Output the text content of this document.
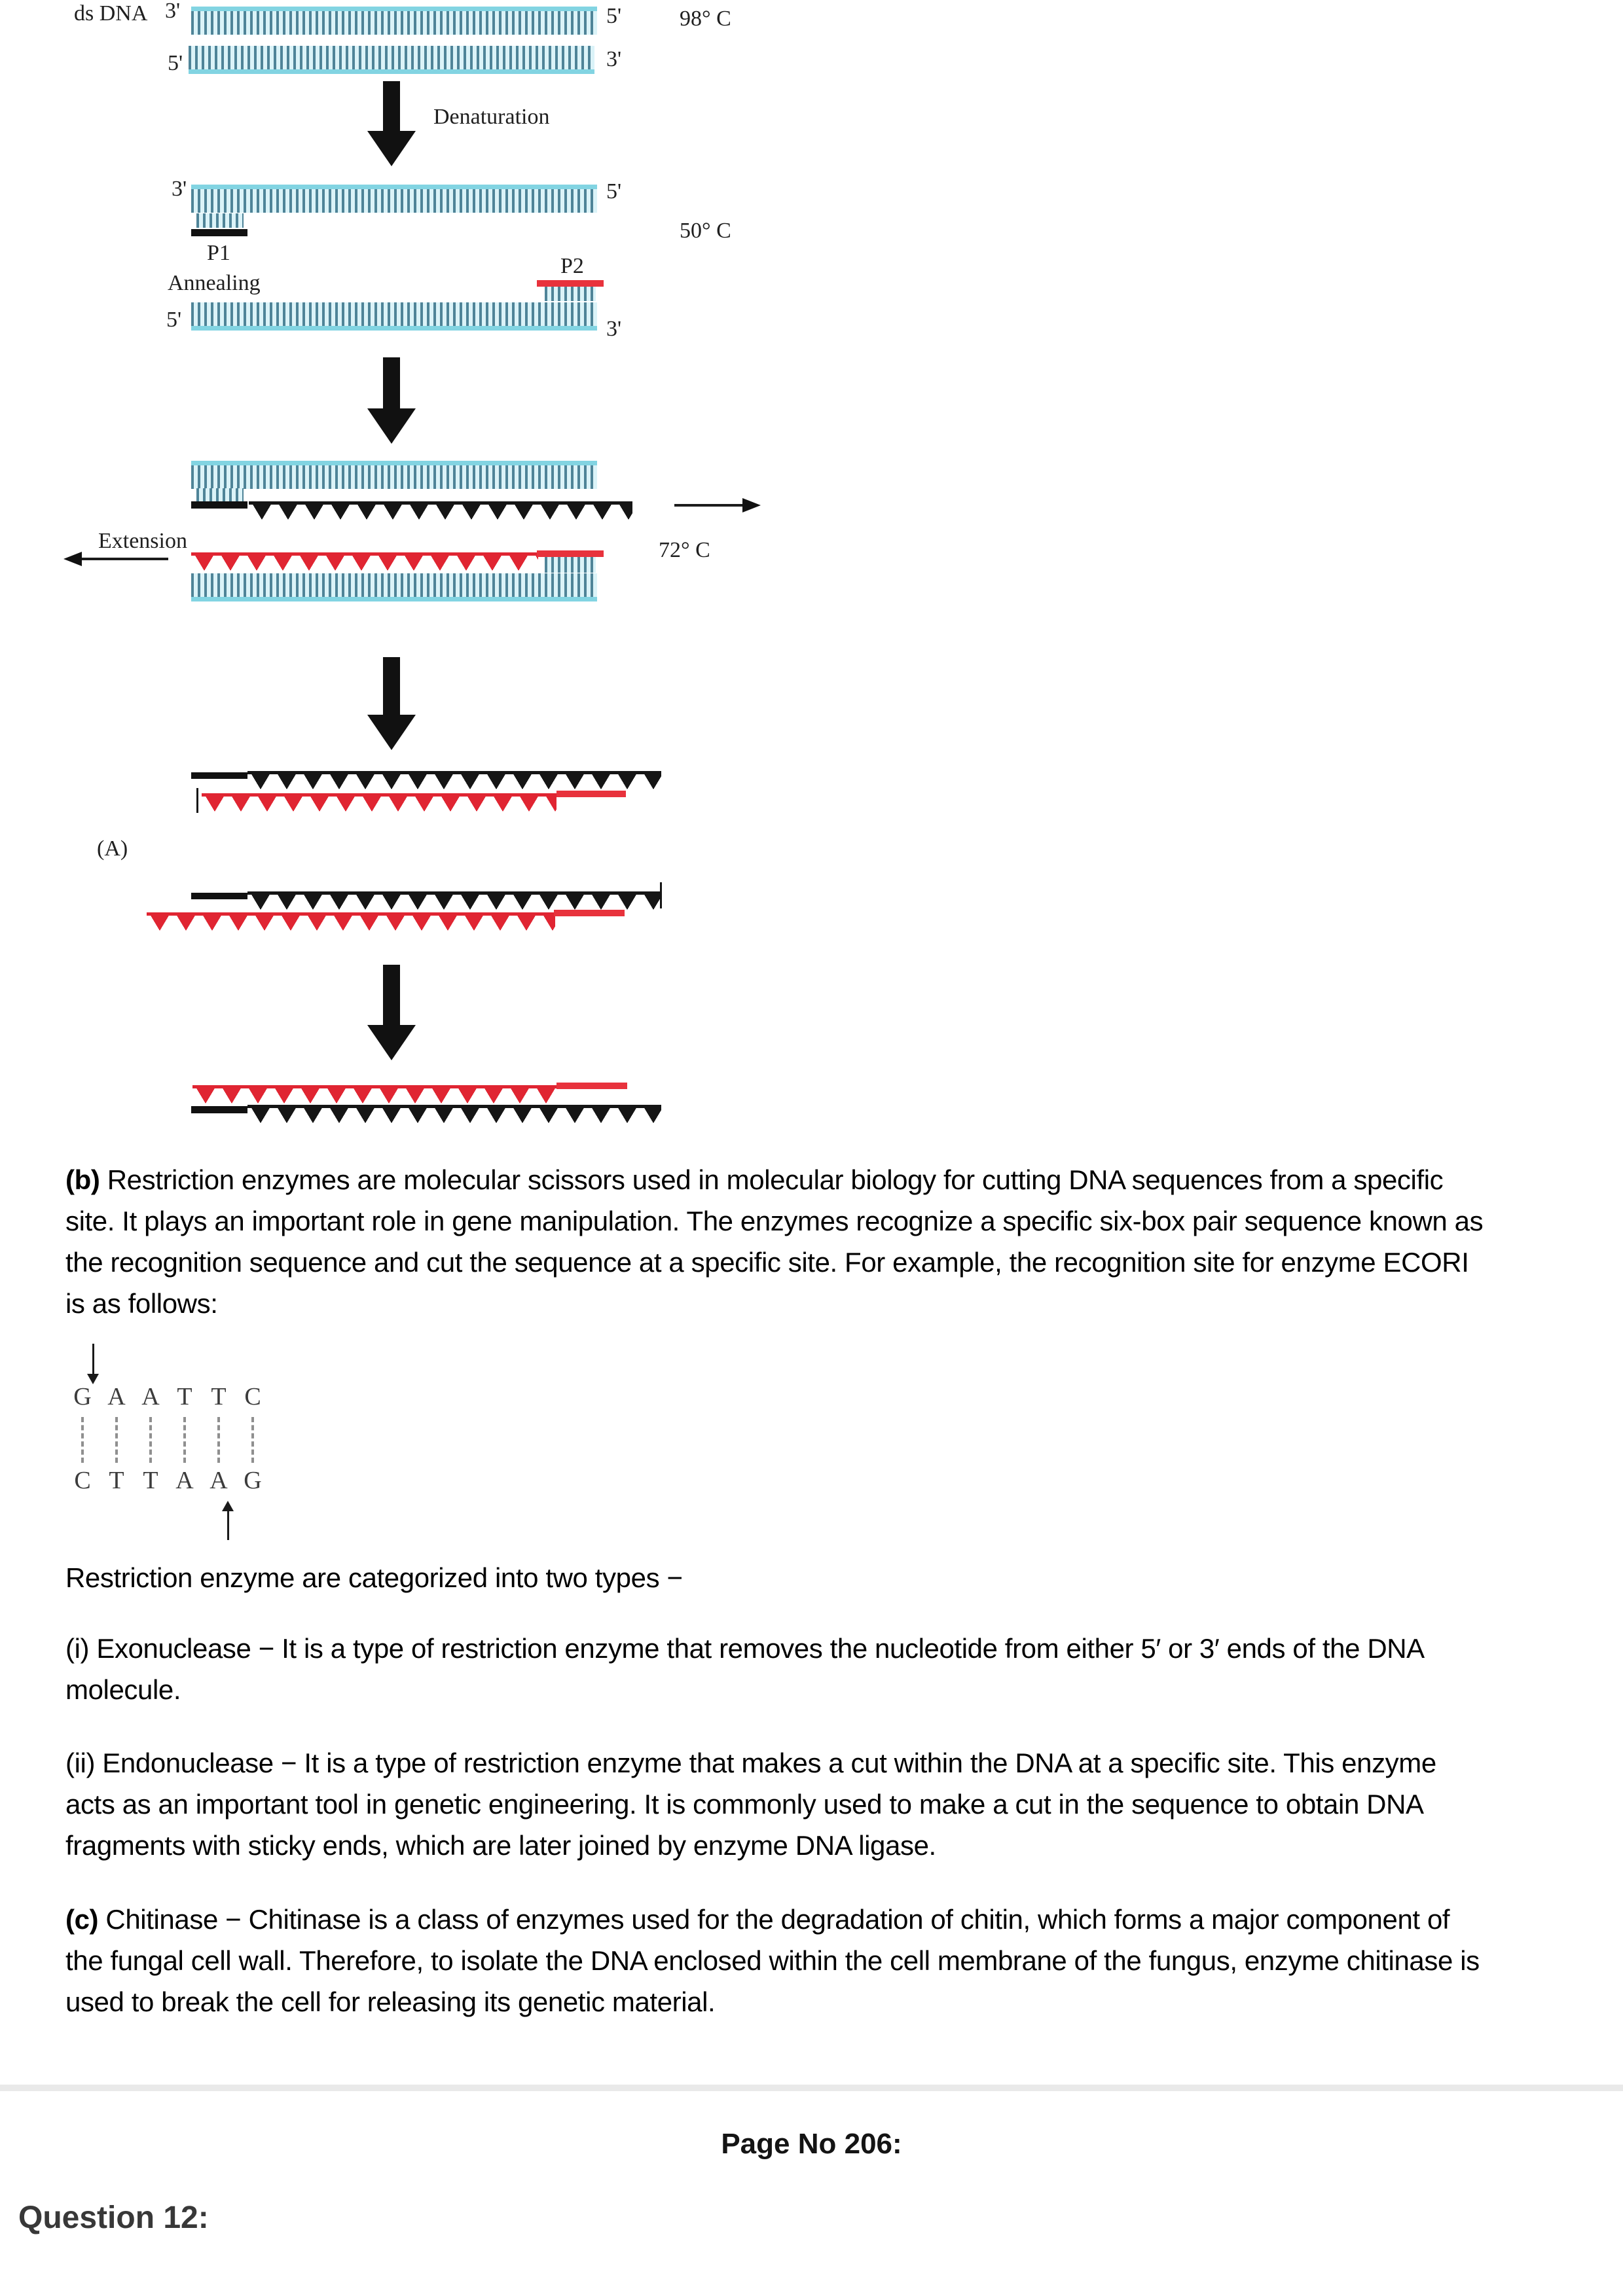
ds DNA 3'	5'	98° C
5'	3'
Denaturation
3'	5'
50° C
P1
Annealing
P2
5'	3'
Extension	72° C
(A)

(b) Restriction enzymes are molecular scissors used in molecular biology for cutting DNA sequences from a specific site. It plays an important role in gene manipulation. The enzymes recognize a specific six-box pair sequence known as the recognition sequence and cut the sequence at a specific site. For example, the recognition site for enzyme ECORI is as follows:

G A A T T C
C T T A A G

Restriction enzyme are categorized into two types −

(i) Exonuclease − It is a type of restriction enzyme that removes the nucleotide from either 5′ or 3′ ends of the DNA molecule.

(ii) Endonuclease − It is a type of restriction enzyme that makes a cut within the DNA at a specific site. This enzyme acts as an important tool in genetic engineering. It is commonly used to make a cut in the sequence to obtain DNA fragments with sticky ends, which are later joined by enzyme DNA ligase.

(c) Chitinase − Chitinase is a class of enzymes used for the degradation of chitin, which forms a major component of the fungal cell wall. Therefore, to isolate the DNA enclosed within the cell membrane of the fungus, enzyme chitinase is used to break the cell for releasing its genetic material.

Page No 206:
Question 12:
